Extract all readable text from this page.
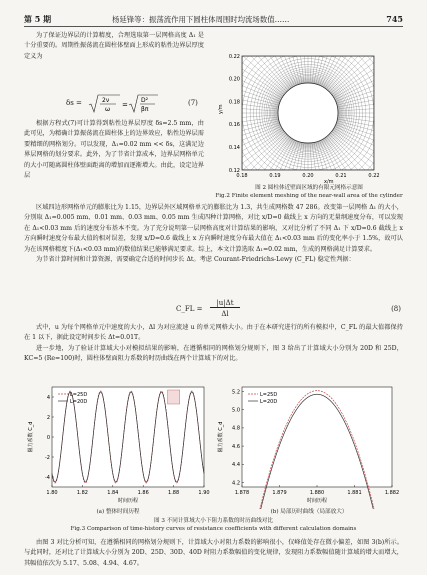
第 5 期	杨延锋等：振荡流作用下圆柱体周围时均流场数值……	745

为了保证边界层的计算精度，合理选取第一层网格高度 Δ₁ 是十分重要的。周期性振荡流在圆柱体壁面上形成的粘性边界层厚度定义为

δs =	2ν
ω
=
D²
βπ
(7)

根据方程式(7)可计算得到粘性边界层厚度 δs=2.5 mm，由此可见，为精确计算振荡流在圆柱体上的边界效应，粘性边界层需要精细的网格划分。可以发现，Δ₁=0.02 mm << δs，这满足边界层网格的划分要求。此外，为了节省计算成本，边界层网格单元的大小可随离圆柱体壁面距离的增加而逐渐增大。由此，设定边界层

0.22
0.20
0.18
0.16
0.14
0.12
0.18	0.19	0.20	0.21	0.22
y/m
x/m
图 2 圆柱体近壁面区域的有限元网格示意图
Fig.2 Finite element meshing of the near-wall area of the cylinder

区域四边形网格单元的膨胀比为 1.15，边界层外区域网格单元的膨胀比为 1.3，共生成网格数 47 286。改变第一层网格 Δ₁ 的大小，分别取 Δ₁=0.005 mm、0.01 mm、0.03 mm、0.05 mm 生成四种计算网格，对比 x/D=0 截线上 x 方向的无量纲速度分布，可以发现在 Δ₁<0.03 mm 后的速度分布基本不变。为了充分说明第一层网格高度对计算结果的影响，又对比分析了不同 Δ₁ 下 x/D=0.6 截线上 x 方向瞬时速度分布最大值的相对误差，发现 x/D=0.6 截线上 x 方向瞬时速度分布最大值在 Δ₁<0.03 mm 后的变化率小于 1.5%，故可认为在该网格精度下(Δ₁<0.03 mm)的数值结果已能够满足要求。综上，本文计算选取 Δ₁=0.02 mm，生成的网格满足计算要求。

为节省计算时间和计算资源，需要确定合适的时间步长 Δt。考虑 Courant-Friedrichs-Lewy (C_FL) 稳定性判据：

C_FL =
|u|Δt
Δl
(8)

式中，u 为每个网格单元中速度的大小，Δl 为对应流速 u 的单元网格大小。由于在本研究进行的所有模拟中，C_FL 的最大值都保持在 1 以下，据此设定时间步长 Δt=0.01T。

进一步地，为了验证计算域大小对模拟结果的影响，在遵循相同的网格划分规则下，图 3 给出了计算域大小分别为 20D 和 25D，KC=5 (Re=100)时，圆柱体壁面阻力系数的时历曲线在两个计算域下的对比。

4
2
0
-2
-4
1.80	1.82	1.84	1.86	1.88	1.90
阻力系数 C_d
时间历程
L=25D
L=20D
5.2
5.0
4.8
4.6
4.4
4.2
1.878	1.879	1.880	1.881	1.882
阻力系数 C_d
时间历程
L=25D
L=20D
(a) 整体时间历程	(b) 局部历时曲线（局部放大）
图 3 不同计算域大小下阻力系数的时历曲线对比
Fig.3 Comparison of time-history curves of resistance coefficients with different calculation domains

由图 3 对比分析可知，在遵循相同的网格划分规则下，计算域大小对阻力系数的影响很小，仅峰值处存在微小偏差，如图 3(b)所示。与此同时，还对比了计算域大小分别为 20D、25D、30D、40D 时阻力系数幅值的变化规律，发现阻力系数幅值随计算域的增大而增大，其幅值依次为 5.17、5.08、4.94、4.67。
